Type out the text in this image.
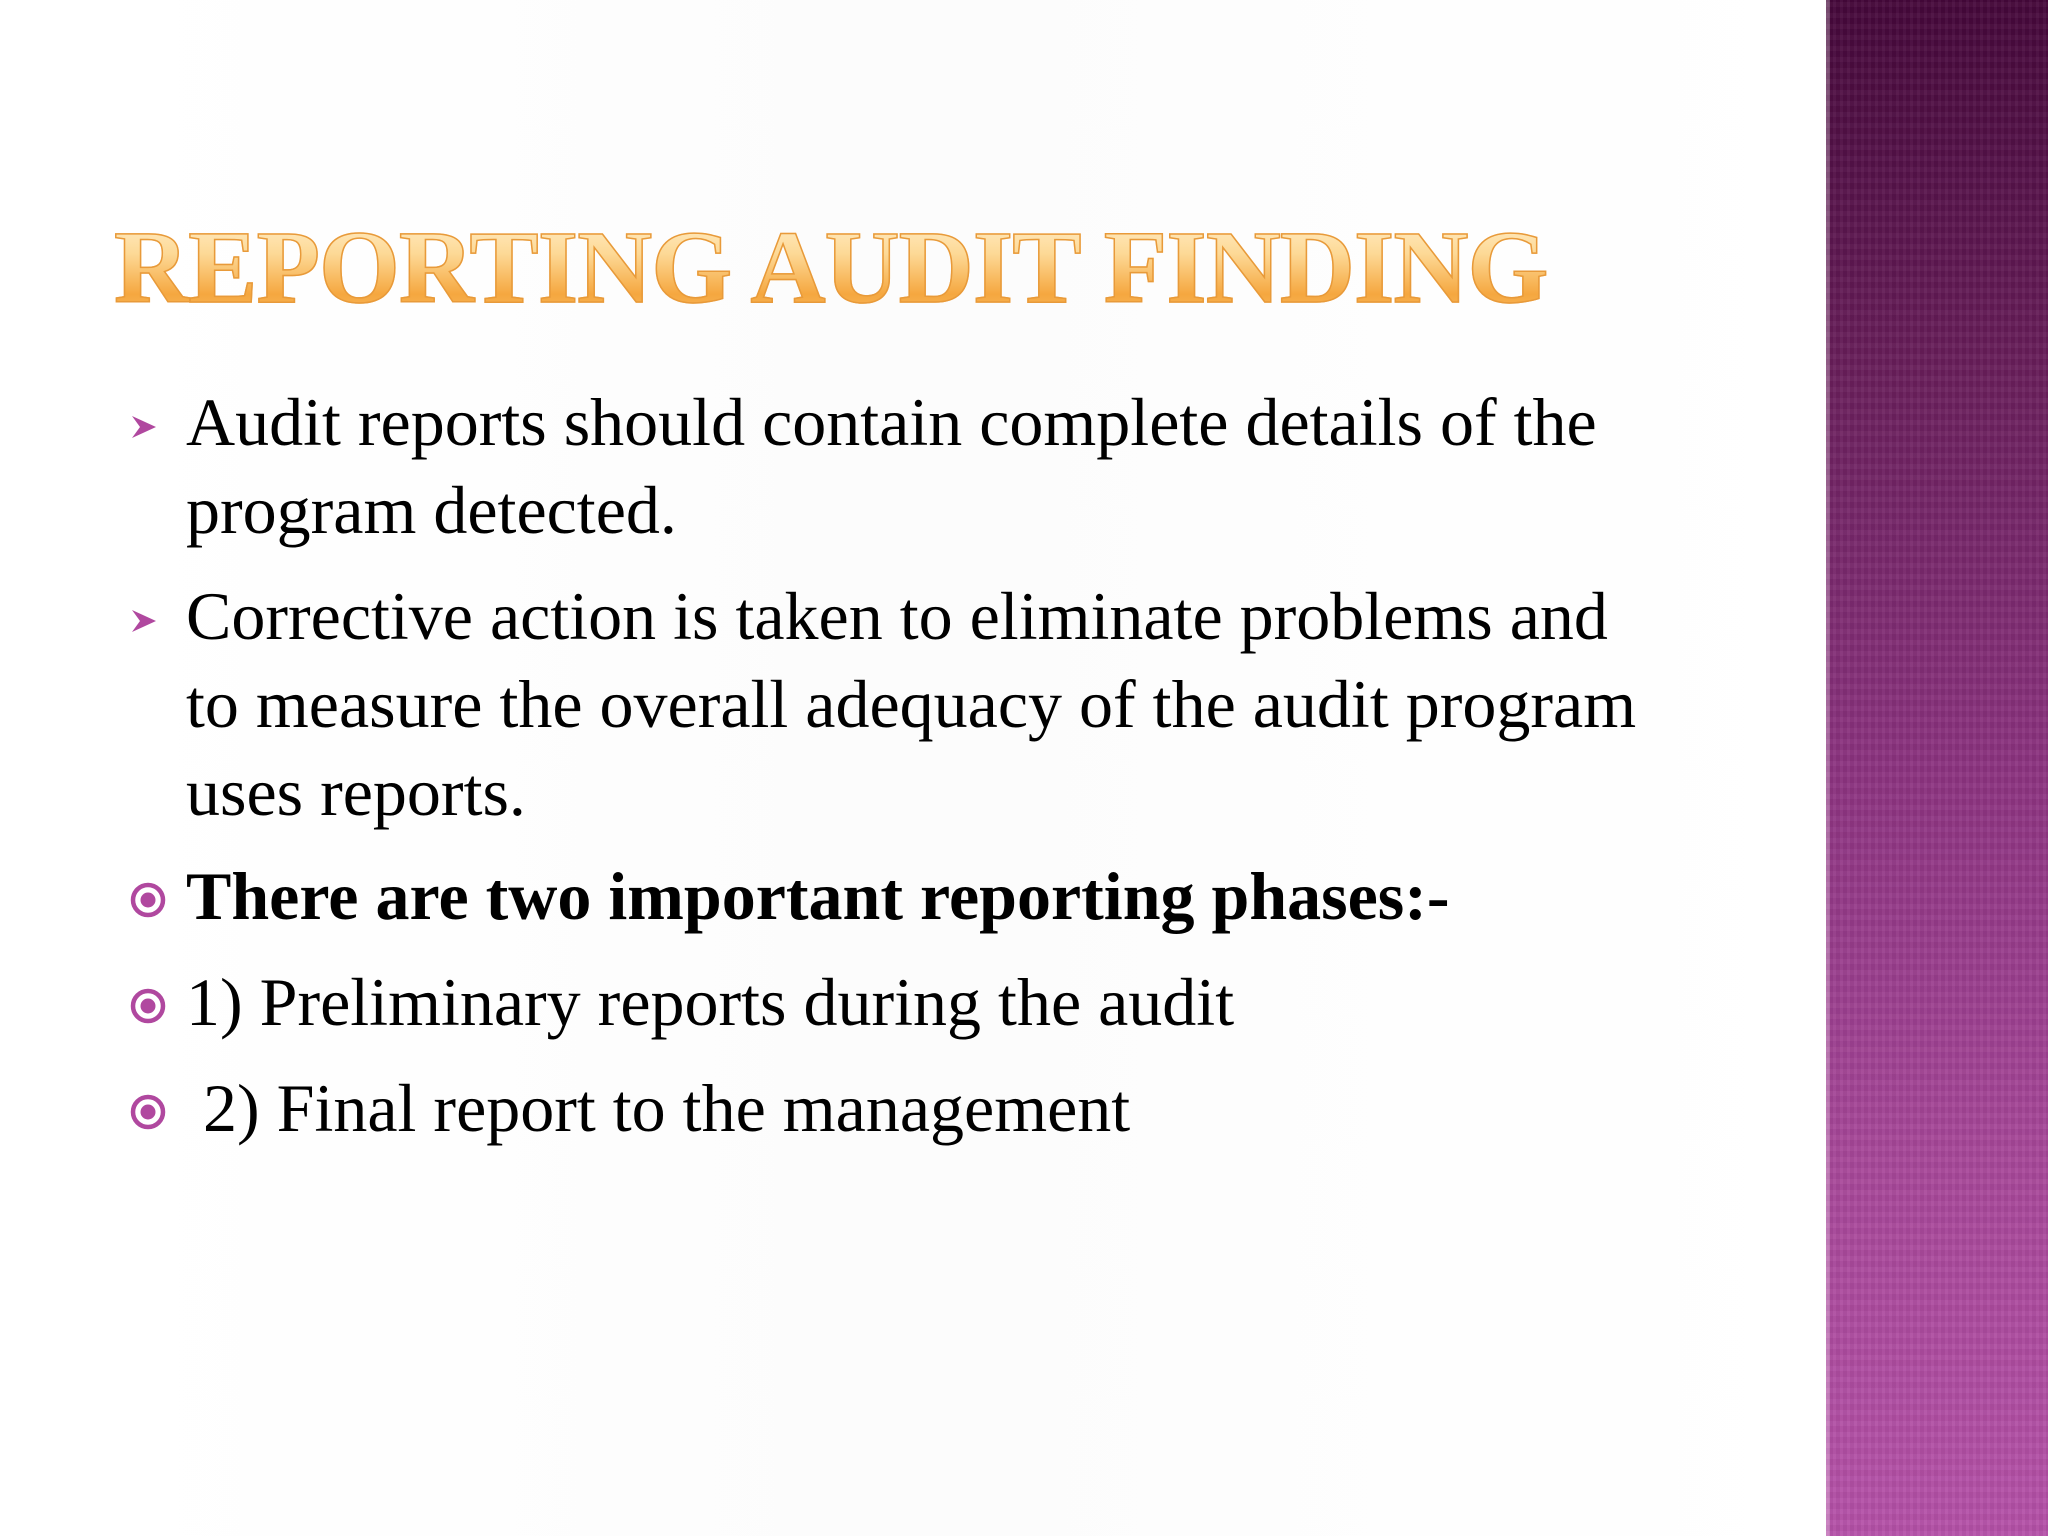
REPORTING AUDIT FINDING
Audit reports should contain complete details of the program detected.
Corrective action is taken to eliminate problems and to measure the overall adequacy of the audit program uses reports.
There are two important reporting phases:-
1) Preliminary reports during the audit
2) Final report to the management
